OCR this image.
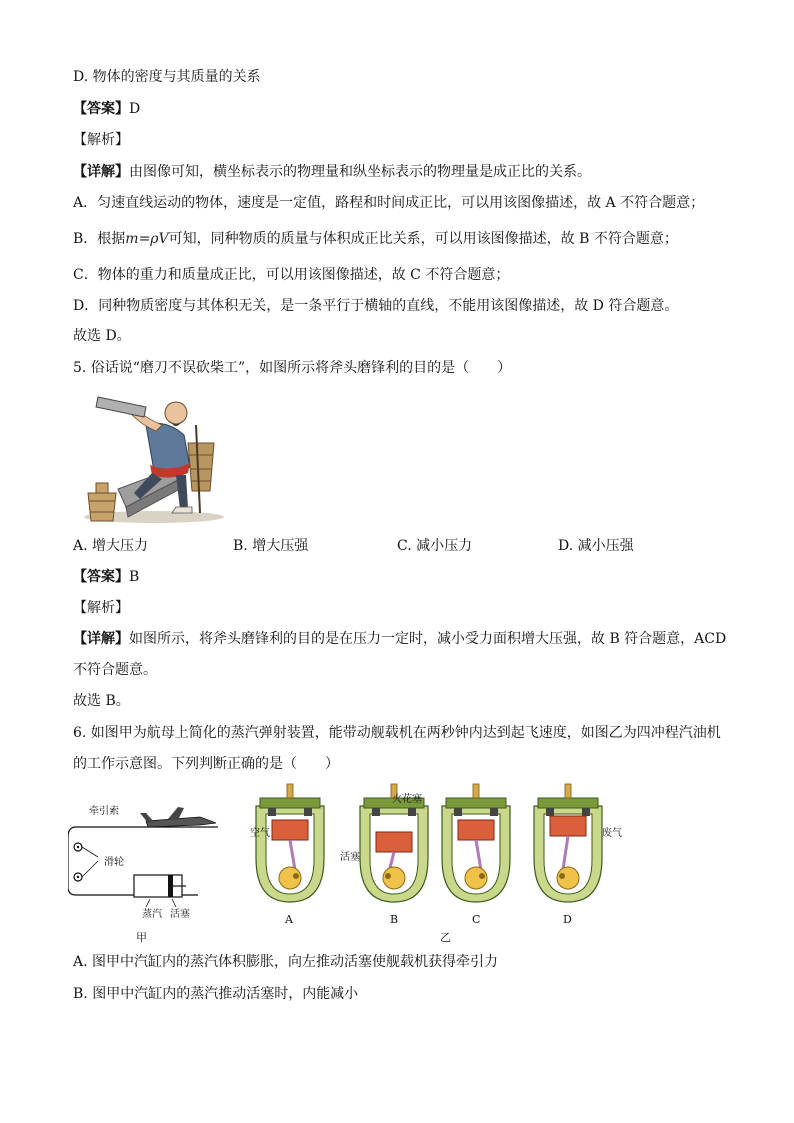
D. 物体的密度与其质量的关系
【答案】D
【解析】
【详解】由图像可知，横坐标表示的物理量和纵坐标表示的物理量是成正比的关系。
A．匀速直线运动的物体，速度是一定值，路程和时间成正比，可以用该图像描述，故 A 不符合题意；
B．根据m=ρV可知，同种物质的质量与体积成正比关系，可以用该图像描述，故 B 不符合题意；
C．物体的重力和质量成正比，可以用该图像描述，故 C 不符合题意；
D．同种物质密度与其体积无关，是一条平行于横轴的直线，不能用该图像描述，故 D 符合题意。
故选 D。
5. 俗话说“磨刀不误砍柴工”，如图所示将斧头磨锋利的目的是（　　）
A. 增大压力	B. 增大压强	C. 减小压力	D. 减小压强
【答案】B
【解析】
【详解】如图所示，将斧头磨锋利的目的是在压力一定时，减小受力面积增大压强，故 B 符合题意，ACD
不符合题意。
故选 B。
6. 如图甲为航母上简化的蒸汽弹射装置，能带动舰载机在两秒钟内达到起飞速度，如图乙为四冲程汽油机
的工作示意图。下列判断正确的是（　　）
牵引索
滑轮
蒸汽 活塞
甲
火花塞
空气
活塞
废气
A	B	C	D
乙
A. 图甲中汽缸内的蒸汽体积膨胀，向左推动活塞使舰载机获得牵引力
B. 图甲中汽缸内的蒸汽推动活塞时，内能减小
